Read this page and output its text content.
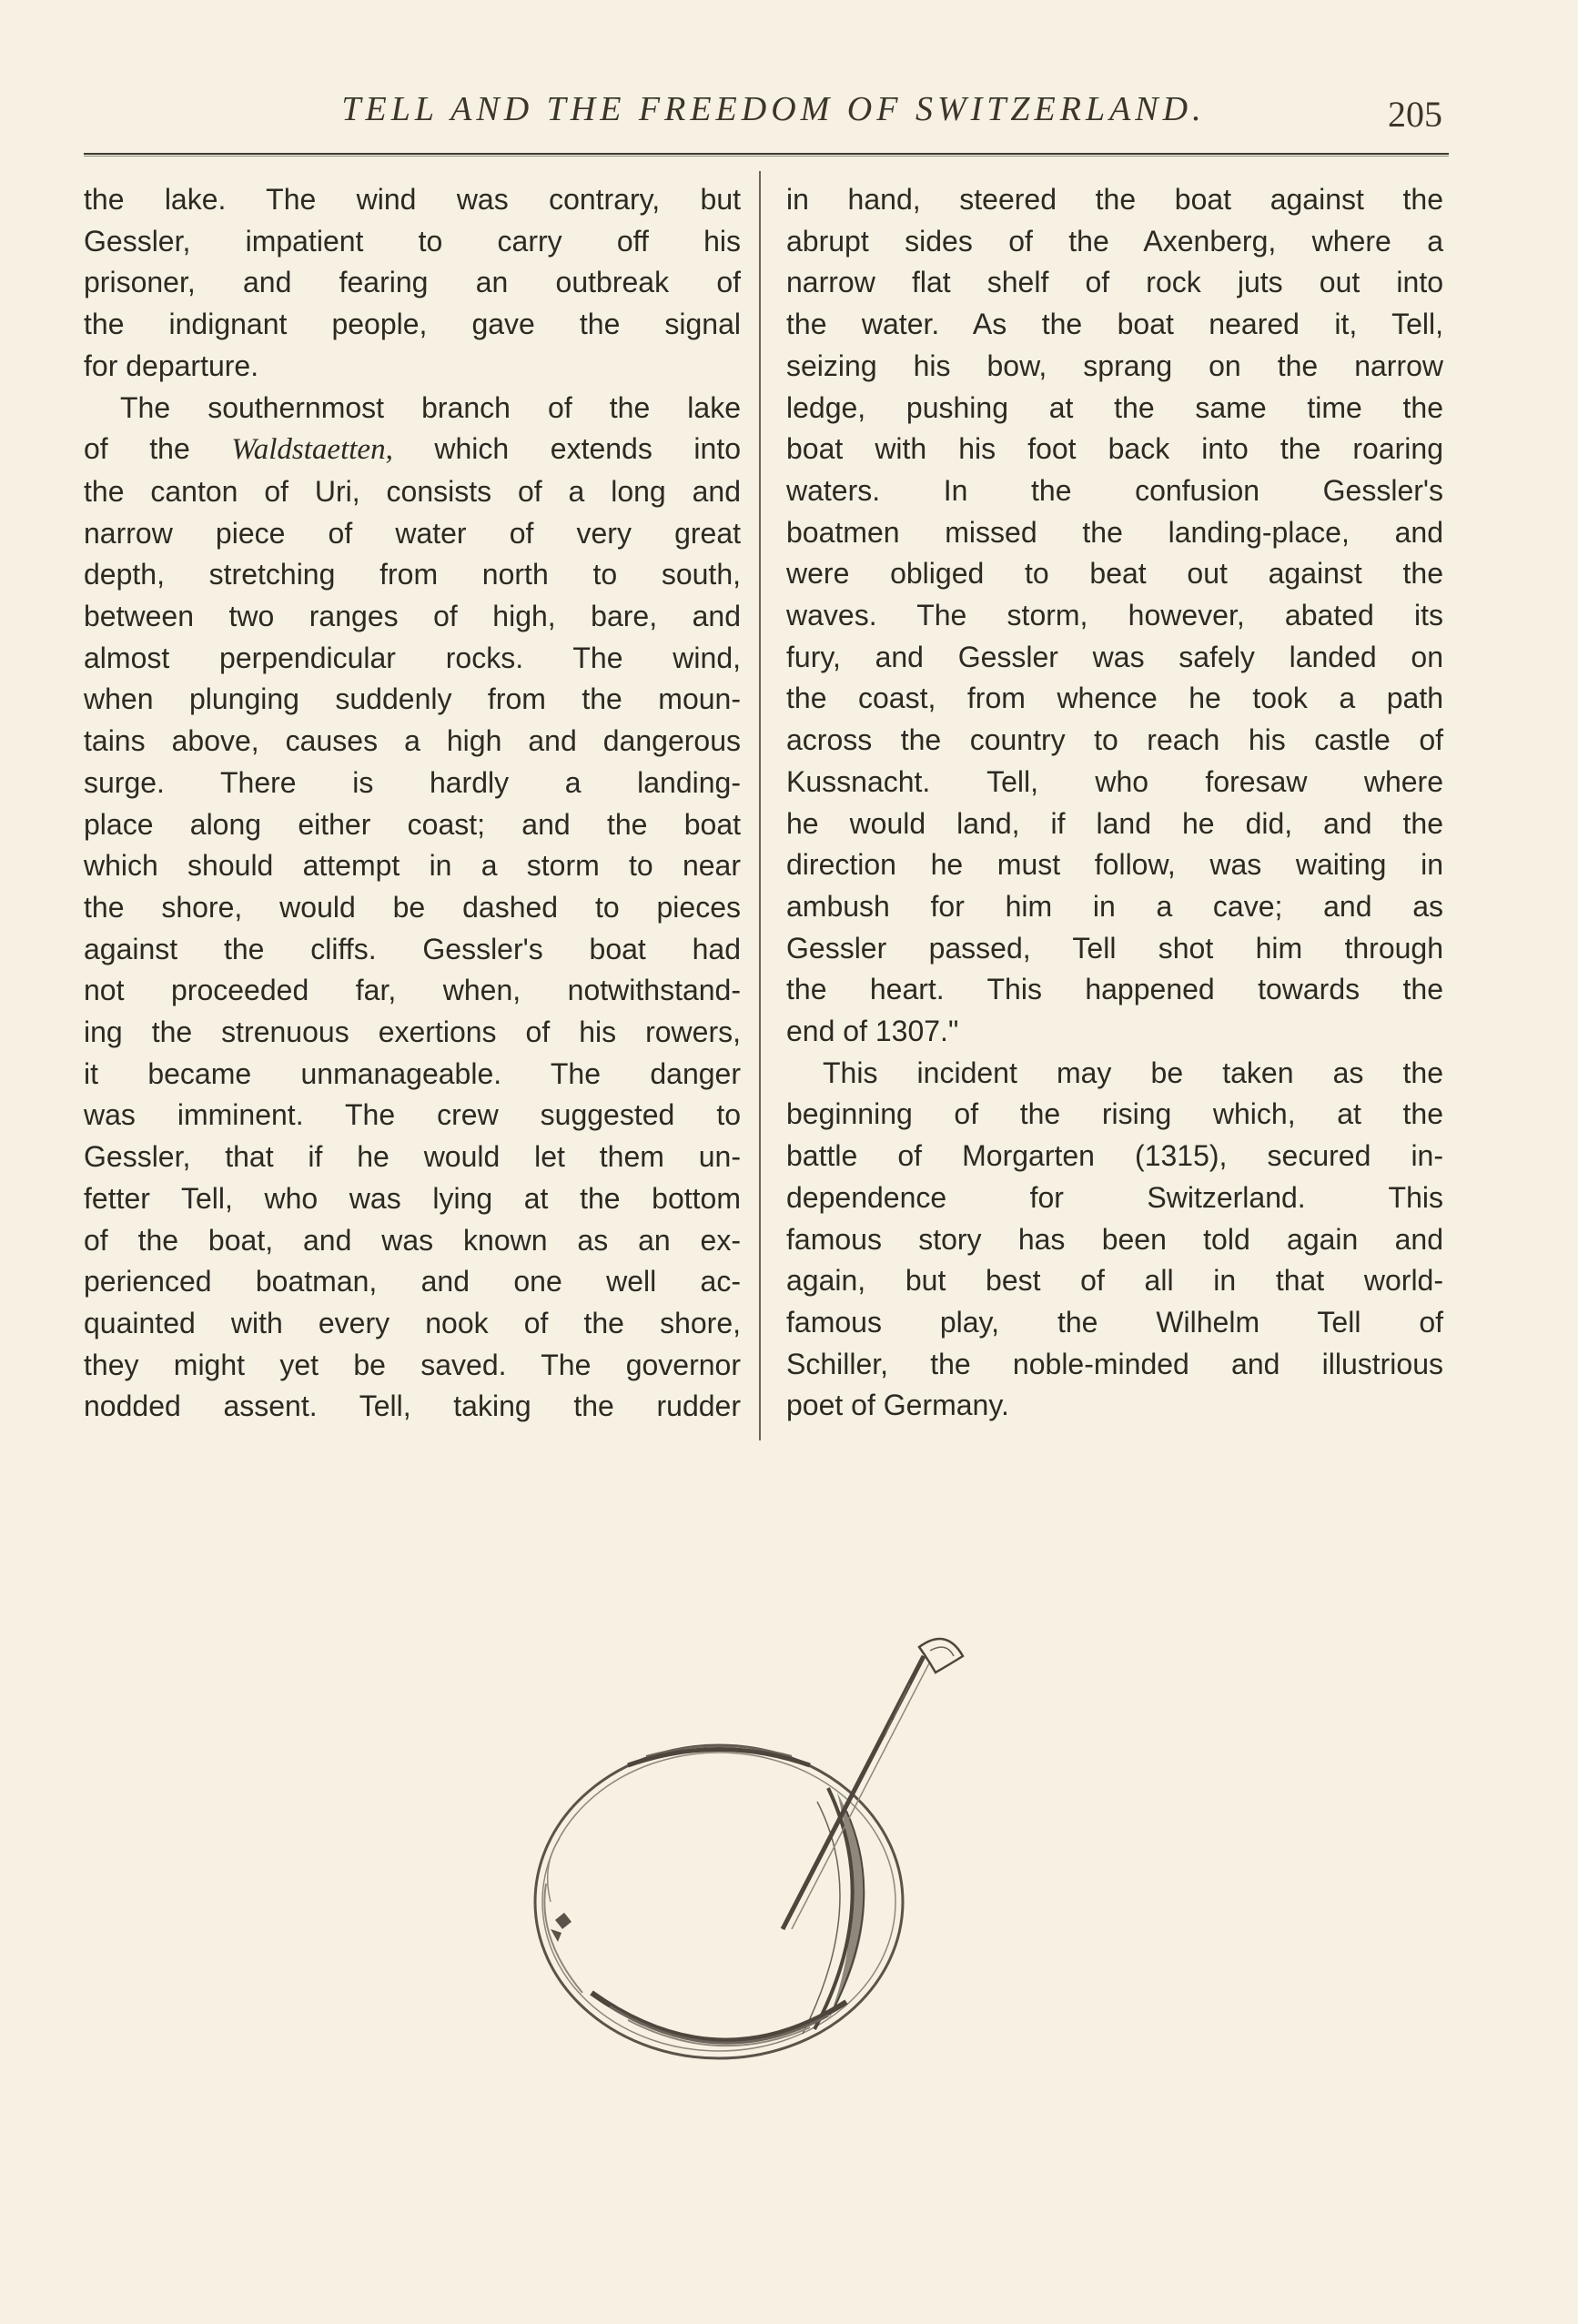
TELL AND THE FREEDOM OF SWITZERLAND.	205
the lake. The wind was contrary, but
Gessler, impatient to carry off his
prisoner, and fearing an outbreak of
the indignant people, gave the signal
for departure.
The southernmost branch of the lake
of the Waldstaetten, which extends into
the canton of Uri, consists of a long and
narrow piece of water of very great
depth, stretching from north to south,
between two ranges of high, bare, and
almost perpendicular rocks. The wind,
when plunging suddenly from the moun-
tains above, causes a high and dangerous
surge. There is hardly a landing-
place along either coast; and the boat
which should attempt in a storm to near
the shore, would be dashed to pieces
against the cliffs. Gessler's boat had
not proceeded far, when, notwithstand-
ing the strenuous exertions of his rowers,
it became unmanageable. The danger
was imminent. The crew suggested to
Gessler, that if he would let them un-
fetter Tell, who was lying at the bottom
of the boat, and was known as an ex-
perienced boatman, and one well ac-
quainted with every nook of the shore,
they might yet be saved. The governor
nodded assent. Tell, taking the rudder
in hand, steered the boat against the
abrupt sides of the Axenberg, where a
narrow flat shelf of rock juts out into
the water. As the boat neared it, Tell,
seizing his bow, sprang on the narrow
ledge, pushing at the same time the
boat with his foot back into the roaring
waters. In the confusion Gessler's
boatmen missed the landing-place, and
were obliged to beat out against the
waves. The storm, however, abated its
fury, and Gessler was safely landed on
the coast, from whence he took a path
across the country to reach his castle of
Kussnacht. Tell, who foresaw where
he would land, if land he did, and the
direction he must follow, was waiting in
ambush for him in a cave; and as
Gessler passed, Tell shot him through
the heart. This happened towards the
end of 1307."
This incident may be taken as the
beginning of the rising which, at the
battle of Morgarten (1315), secured in-
dependence for Switzerland. This
famous story has been told again and
again, but best of all in that world-
famous play, the Wilhelm Tell of
Schiller, the noble-minded and illustrious
poet of Germany.
